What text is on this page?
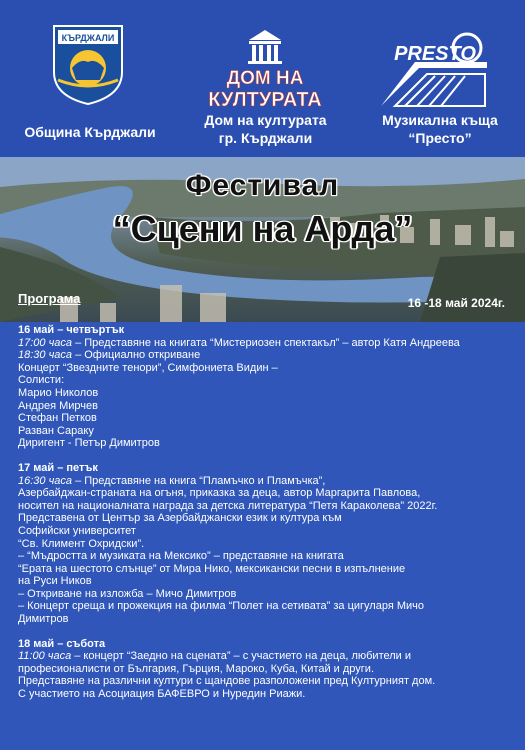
КЪРДЖАЛИ
Община Кърджали
ДОМ НА
КУЛТУРАТА
Дом на културата
гр. Кърджали
PRESTO
Музикална къща
“Престо”
Фестивал
“Сцени на Арда”
Програма	16 -18 май 2024г.
16 май – четвъртък
17:00 часа – Представяне на книгата “Мистериозен спектакъл” – автор Катя Андреева
18:30 часа – Официално откриване
Концерт “Звездните тенори”, Симфониета Видин –
Солисти:
Марио Николов
Андрея Мирчев
Стефан Петков
Разван Сараку
Диригент - Петър Димитров
17 май – петък
16:30 часа – Представяне на книга “Пламъчко и Пламъчка”,
Азербайджан-страната на огъня, приказка за деца, автор Маргарита Павлова,
носител на националната награда за детска литература “Петя Караколева” 2022г.
Представена от Център за Азербайджански език и култура към
Софийски университет
“Св. Климент Охридски”.
– “Мъдростта и музиката на Мексико” – представяне на книгата
“Ерата на шестото слънце” от Мира Нико, мексикански песни в изпълнение
на Руси Ников
– Откриване на изложба – Мичо Димитров
– Концерт среща и прожекция на филма “Полет на сетивата” за цигуларя Мичо
Димитров
18 май – събота
11:00 часа – концерт “Заедно на сцената” – с участието на деца, любители и
професионалисти от България, Гърция, Мароко, Куба, Китай и други.
Представяне на различни култури с щандове разположени пред Културният дом.
С участието на Асоциация БАФЕВРО и Нуредин Риажи.
